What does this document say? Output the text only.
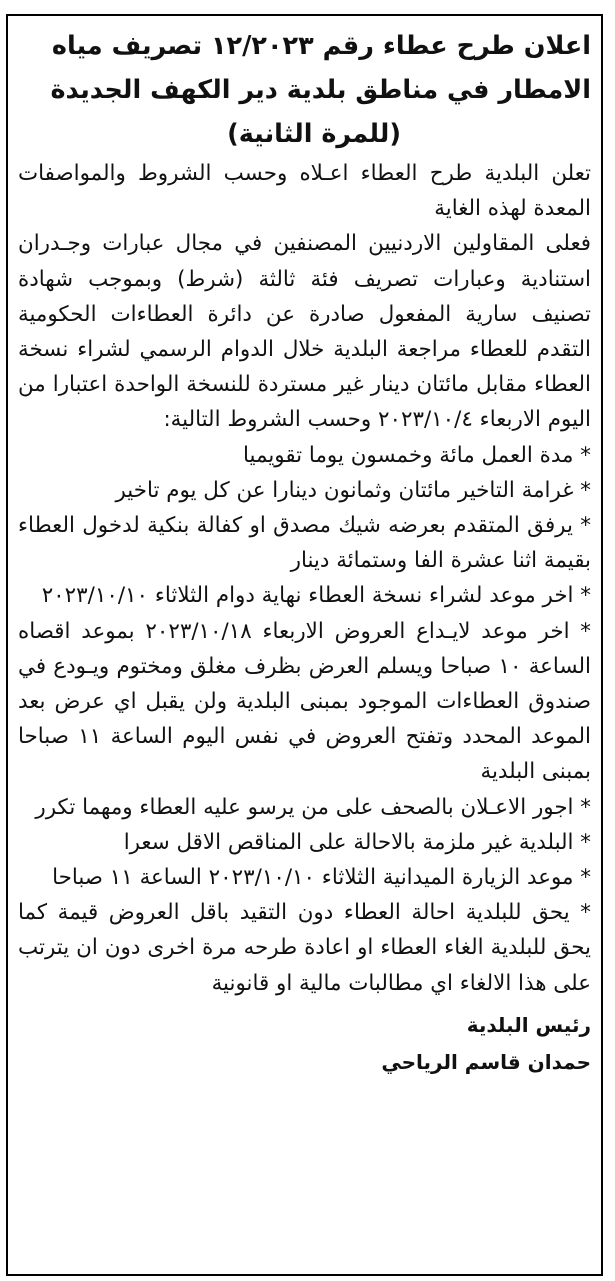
اعلان طرح عطاء رقم ١٢/٢٠٢٣ تصريف مياه
الامطار في مناطق بلدية دير الكهف الجديدة

(للمرة الثانية)

تعلن البلدية طرح العطاء اعـلاه وحسب الشروط والمواصفات المعدة لهذه الغاية

فعلى المقاولين الاردنيين المصنفين في مجال عبارات وجـدران استنادية وعبارات تصريف فئة ثالثة (شرط) وبموجب شهادة تصنيف سارية المفعول صادرة عن دائرة العطاءات الحكومية التقدم للعطاء مراجعة البلدية خلال الدوام الرسمي لشراء نسخة العطاء مقابل مائتان دينار غير مستردة للنسخة الواحدة اعتبارا من اليوم الاربعاء ٢٠٢٣/١٠/٤ وحسب الشروط التالية:

* مدة العمل مائة وخمسون يوما تقويميا

* غرامة التاخير مائتان وثمانون دينارا عن كل يوم تاخير

* يرفق المتقدم بعرضه شيك مصدق او كفالة بنكية لدخول العطاء بقيمة اثنا عشرة الفا وستمائة دينار

* اخر موعد لشراء نسخة العطاء نهاية دوام الثلاثاء ٢٠٢٣/١٠/١٠

* اخر موعد لايـداع العروض الاربعاء ٢٠٢٣/١٠/١٨ بموعد اقصاه الساعة ١٠ صباحا ويسلم العرض بظرف مغلق ومختوم ويـودع في صندوق العطاءات الموجود بمبنى البلدية ولن يقبل اي عرض بعد الموعد المحدد وتفتح العروض في نفس اليوم الساعة ١١ صباحا بمبنى البلدية

* اجور الاعـلان بالصحف على من يرسو عليه العطاء ومهما تكرر

* البلدية غير ملزمة بالاحالة على المناقص الاقل سعرا

* موعد الزيارة الميدانية الثلاثاء ٢٠٢٣/١٠/١٠ الساعة ١١ صباحا

* يحق للبلدية احالة العطاء دون التقيد باقل العروض قيمة كما يحق للبلدية الغاء العطاء او اعادة طرحه مرة اخرى دون ان يترتب على هذا الالغاء اي مطالبات مالية او قانونية

رئيس البلدية
حمدان قاسم الرياحي
